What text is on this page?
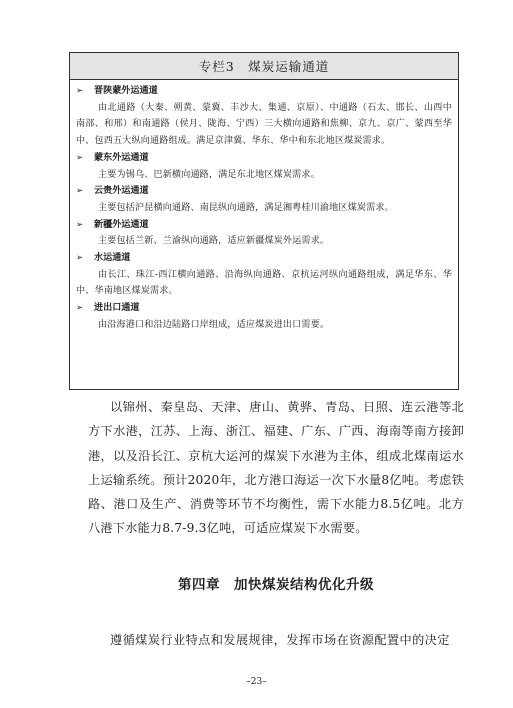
专栏3　煤炭运输通道
➢	晋陕蒙外运通道
由北通路（大秦、朔黄、蒙冀、丰沙大、集通、京原）、中通路（石太、邯长、山西中南部、和邢）和南通路（侯月、陇海、宁西）三大横向通路和焦柳、京九、京广、蒙西至华中、包西五大纵向通路组成。满足京津冀、华东、华中和东北地区煤炭需求。
➢	蒙东外运通道
主要为锡乌、巴新横向通路，满足东北地区煤炭需求。
➢	云贵外运通道
主要包括沪昆横向通路、南昆纵向通路，满足湘粤桂川渝地区煤炭需求。
➢	新疆外运通道
主要包括兰新、兰渝纵向通路，适应新疆煤炭外运需求。
➢	水运通道
由长江、珠江-西江横向通路、沿海纵向通路、京杭运河纵向通路组成，满足华东、华中、华南地区煤炭需求。
➢	进出口通道
由沿海港口和沿边陆路口岸组成，适应煤炭进出口需要。

以锦州、秦皇岛、天津、唐山、黄骅、青岛、日照、连云港等北方下水港，江苏、上海、浙江、福建、广东、广西、海南等南方接卸港，以及沿长江、京杭大运河的煤炭下水港为主体，组成北煤南运水上运输系统。预计2020年，北方港口海运一次下水量8亿吨。考虑铁路、港口及生产、消费等环节不均衡性，需下水能力8.5亿吨。北方八港下水能力8.7-9.3亿吨，可适应煤炭下水需要。

第四章　加快煤炭结构优化升级

遵循煤炭行业特点和发展规律，发挥市场在资源配置中的决定

–23–
